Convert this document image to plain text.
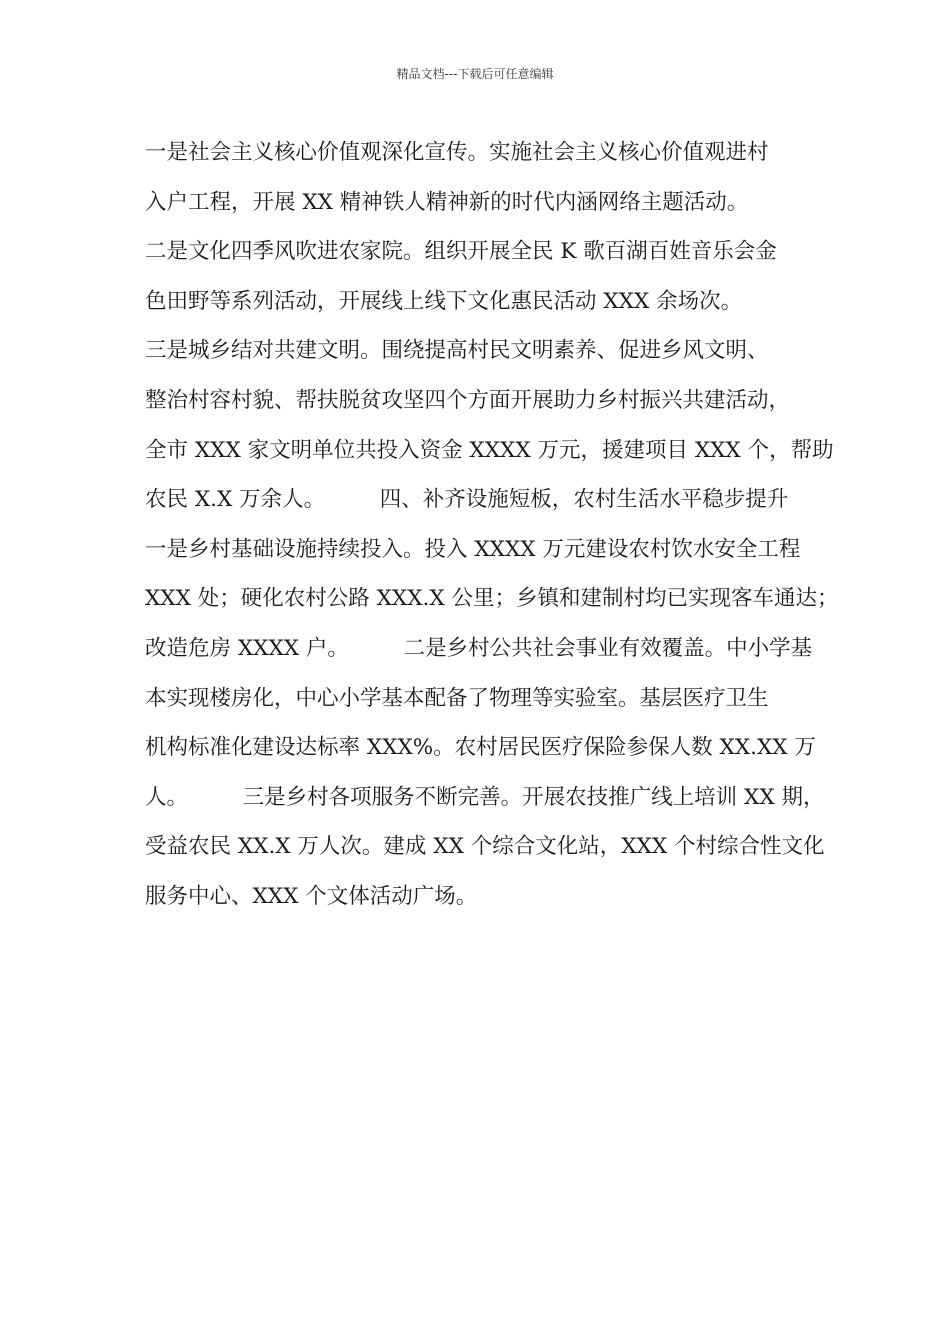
精品文档---下载后可任意编辑
一是社会主义核心价值观深化宣传。实施社会主义核心价值观进村
入户工程，开展 XX 精神铁人精神新的时代内涵网络主题活动。
二是文化四季风吹进农家院。组织开展全民 K 歌百湖百姓音乐会金
色田野等系列活动，开展线上线下文化惠民活动 XXX 余场次。
三是城乡结对共建文明。围绕提高村民文明素养、促进乡风文明、
整治村容村貌、帮扶脱贫攻坚四个方面开展助力乡村振兴共建活动，
全市 XXX 家文明单位共投入资金 XXXX 万元，援建项目 XXX 个，帮助
农民 X.X 万余人。        四、补齐设施短板，农村生活水平稳步提升
一是乡村基础设施持续投入。投入 XXXX 万元建设农村饮水安全工程
XXX 处；硬化农村公路 XXX.X 公里；乡镇和建制村均已实现客车通达；
改造危房 XXXX 户。        二是乡村公共社会事业有效覆盖。中小学基
本实现楼房化，中心小学基本配备了物理等实验室。基层医疗卫生
机构标准化建设达标率 XXX%。农村居民医疗保险参保人数 XX.XX 万
人。        三是乡村各项服务不断完善。开展农技推广线上培训 XX 期，
受益农民 XX.X 万人次。建成 XX 个综合文化站，XXX 个村综合性文化
服务中心、XXX 个文体活动广场。
